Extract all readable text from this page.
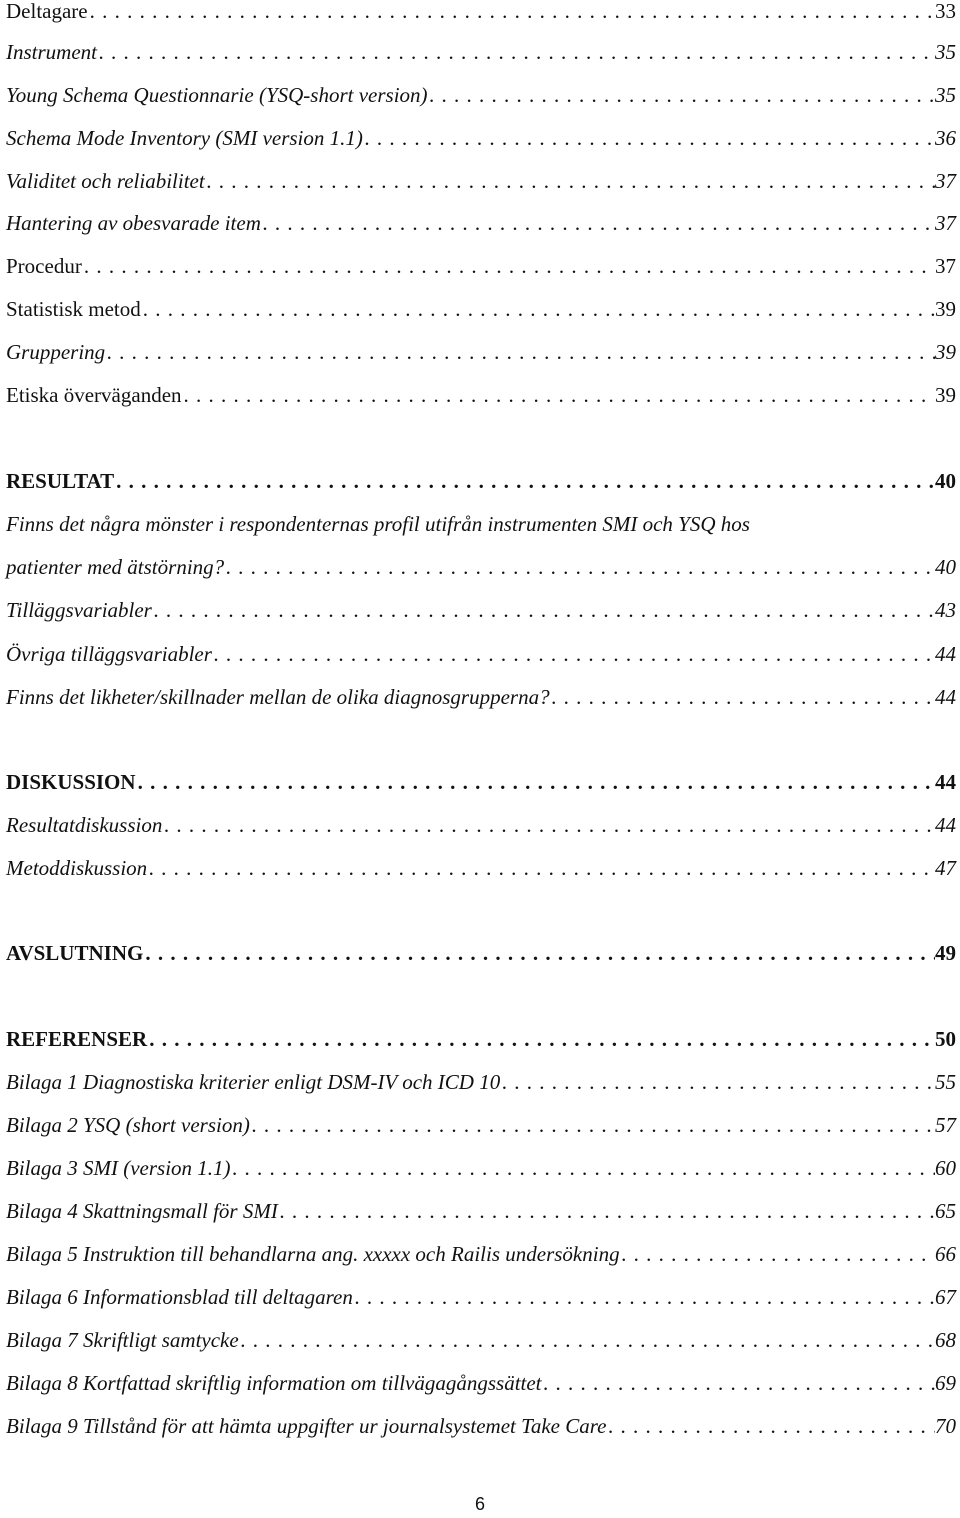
Deltagare . . .	33
Instrument . . .	35
Young Schema Questionnarie (YSQ-short version) . . .	35
Schema Mode Inventory (SMI version 1.1) . . .	36
Validitet och reliabilitet . . .	37
Hantering av obesvarade item . . .	37
Procedur . . .	37
Statistisk metod . . .	39
Gruppering . . .	39
Etiska överväganden . . .	39
RESULTAT . . .	40
Finns det några mönster i respondenternas profil utifrån instrumenten SMI och YSQ hos
patienter med ätstörning? . . .	40
Tilläggsvariabler . . .	43
Övriga tilläggsvariabler . . .	44
Finns det likheter/skillnader mellan de olika diagnosgrupperna? . . .	44
DISKUSSION . . .	44
Resultatdiskussion . . .	44
Metoddiskussion . . .	47
AVSLUTNING . . .	49
REFERENSER . . .	50
Bilaga 1 Diagnostiska kriterier enligt DSM-IV och ICD 10 . . .	55
Bilaga 2 YSQ (short version) . . .	57
Bilaga 3 SMI (version 1.1) . . .	60
Bilaga 4 Skattningsmall för SMI . . .	65
Bilaga 5 Instruktion till behandlarna ang. xxxxx och Railis undersökning . . .	66
Bilaga 6 Informationsblad till deltagaren . . .	67
Bilaga 7 Skriftligt samtycke . . .	68
Bilaga 8 Kortfattad skriftlig information om tillvägagångssättet . . .	69
Bilaga 9 Tillstånd för att hämta uppgifter ur journalsystemet Take Care . . .	70
6
